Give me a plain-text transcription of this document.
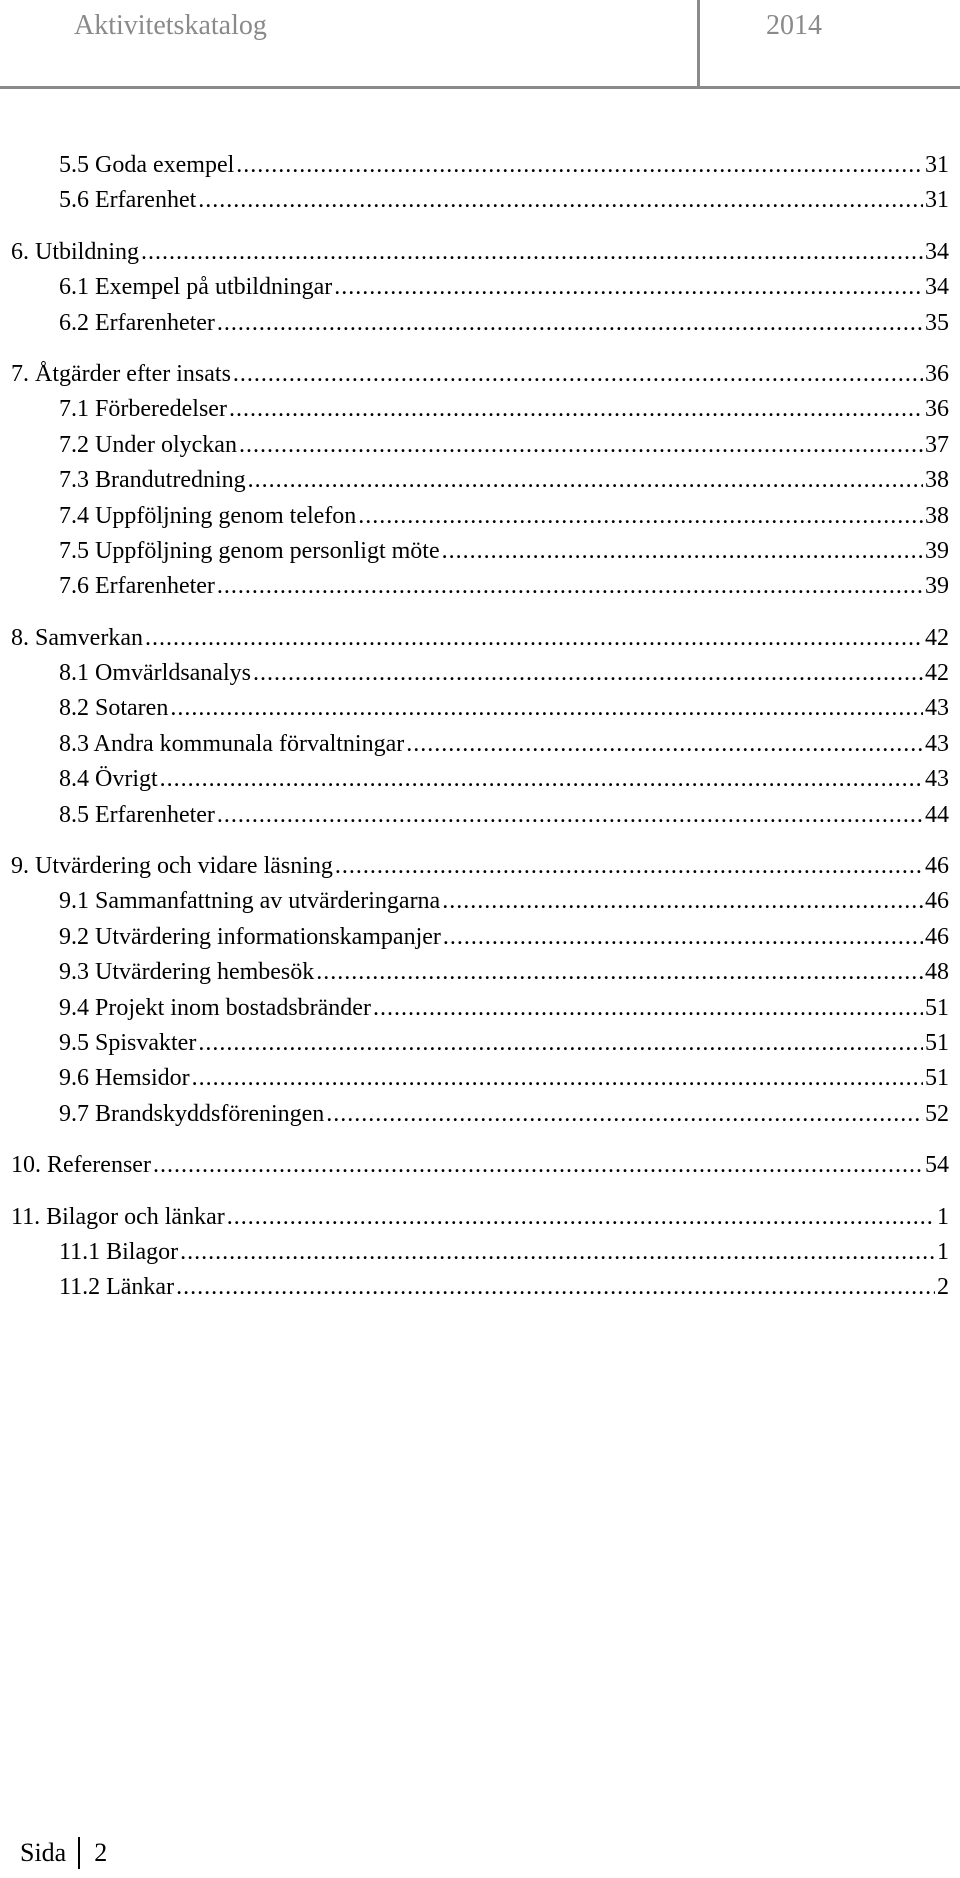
Aktivitetskatalog	2014
5.5 Goda exempel .....	31
5.6 Erfarenhet .....	31
6. Utbildning .....	34
6.1 Exempel på utbildningar .....	34
6.2 Erfarenheter .....	35
7. Åtgärder efter insats .....	36
7.1 Förberedelser .....	36
7.2 Under olyckan .....	37
7.3 Brandutredning .....	38
7.4 Uppföljning genom telefon .....	38
7.5 Uppföljning genom personligt möte .....	39
7.6 Erfarenheter .....	39
8. Samverkan .....	42
8.1 Omvärldsanalys .....	42
8.2 Sotaren .....	43
8.3 Andra kommunala förvaltningar .....	43
8.4 Övrigt .....	43
8.5 Erfarenheter .....	44
9. Utvärdering och vidare läsning .....	46
9.1 Sammanfattning av utvärderingarna .....	46
9.2 Utvärdering informationskampanjer .....	46
9.3 Utvärdering hembesök .....	48
9.4 Projekt inom bostadsbränder .....	51
9.5 Spisvakter .....	51
9.6 Hemsidor .....	51
9.7 Brandskyddsföreningen .....	52
10. Referenser .....	54
11. Bilagor och länkar .....	1
11.1 Bilagor .....	1
11.2 Länkar .....	2
Sida 2
